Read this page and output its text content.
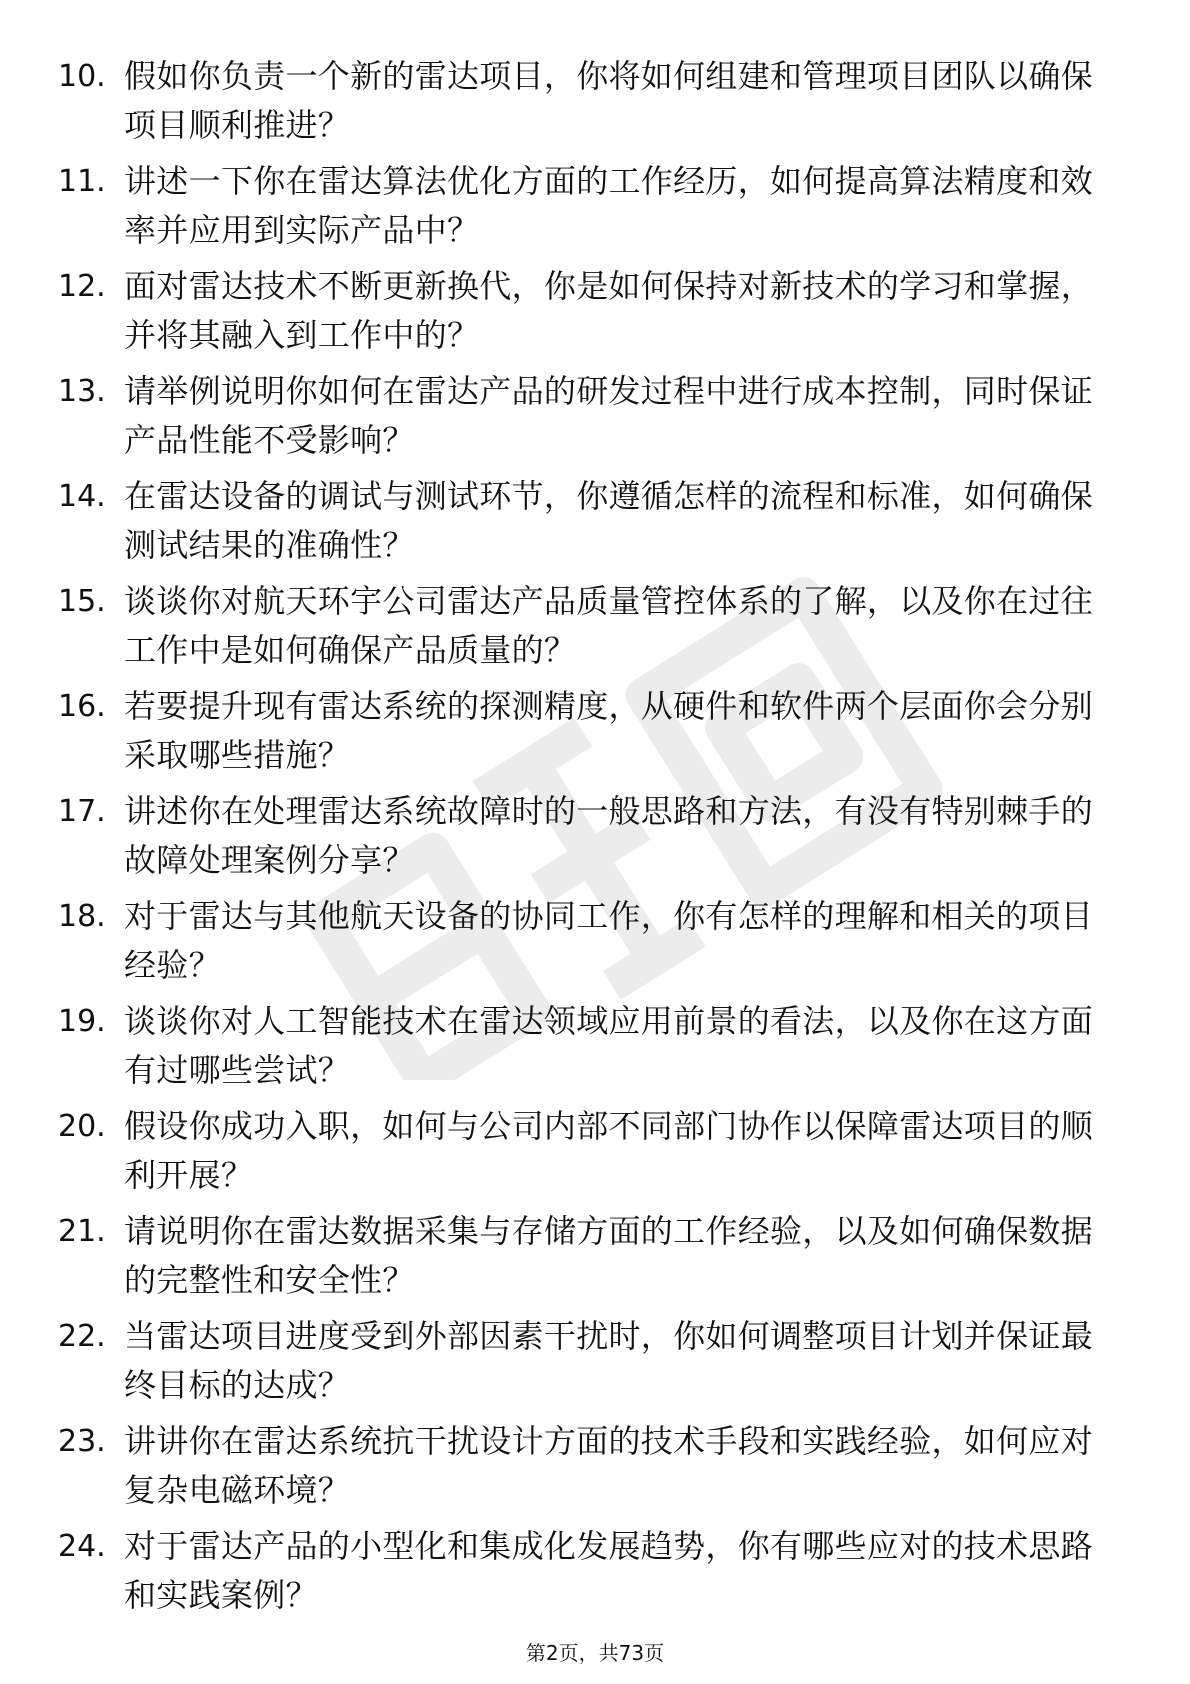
10. 假如你负责一个新的雷达项目，你将如何组建和管理项目团队以确保项目顺利推进？
11. 讲述一下你在雷达算法优化方面的工作经历，如何提高算法精度和效率并应用到实际产品中？
12. 面对雷达技术不断更新换代，你是如何保持对新技术的学习和掌握，并将其融入到工作中的？
13. 请举例说明你如何在雷达产品的研发过程中进行成本控制，同时保证产品性能不受影响？
14. 在雷达设备的调试与测试环节，你遵循怎样的流程和标准，如何确保测试结果的准确性？
15. 谈谈你对航天环宇公司雷达产品质量管控体系的了解，以及你在过往工作中是如何确保产品质量的？
16. 若要提升现有雷达系统的探测精度，从硬件和软件两个层面你会分别采取哪些措施？
17. 讲述你在处理雷达系统故障时的一般思路和方法，有没有特别棘手的故障处理案例分享？
18. 对于雷达与其他航天设备的协同工作，你有怎样的理解和相关的项目经验？
19. 谈谈你对人工智能技术在雷达领域应用前景的看法，以及你在这方面有过哪些尝试？
20. 假设你成功入职，如何与公司内部不同部门协作以保障雷达项目的顺利开展？
21. 请说明你在雷达数据采集与存储方面的工作经验，以及如何确保数据的完整性和安全性？
22. 当雷达项目进度受到外部因素干扰时，你如何调整项目计划并保证最终目标的达成？
23. 讲讲你在雷达系统抗干扰设计方面的技术手段和实践经验，如何应对复杂电磁环境？
24. 对于雷达产品的小型化和集成化发展趋势，你有哪些应对的技术思路和实践案例？
第2页，共73页
